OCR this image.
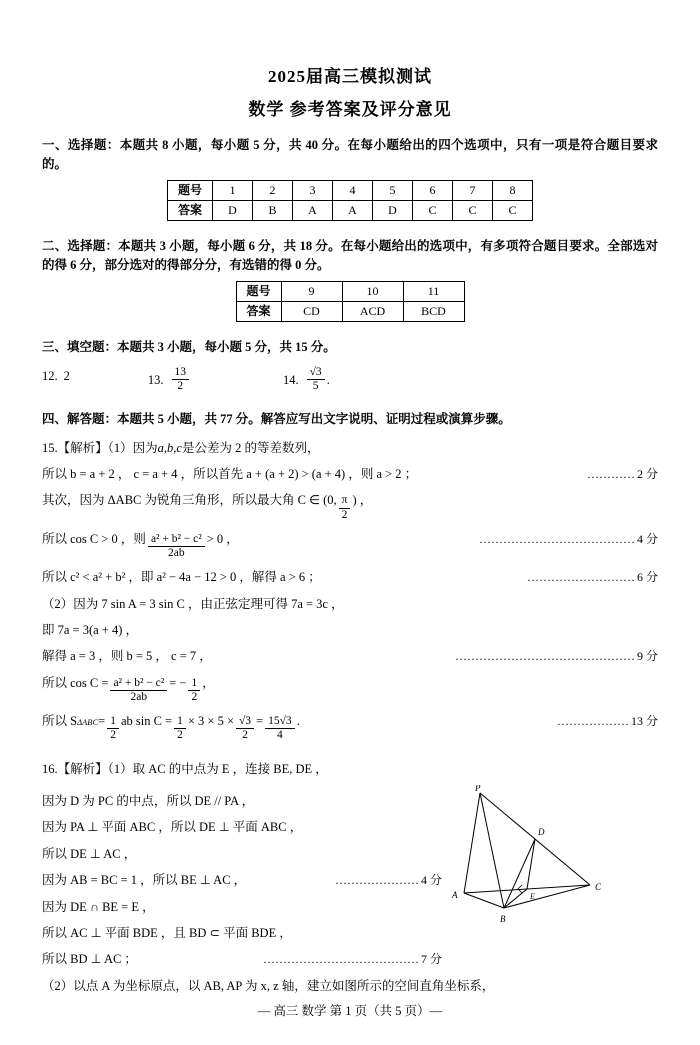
2025届高三模拟测试
数学 参考答案及评分意见
一、选择题：本题共 8 小题，每小题 5 分，共 40 分。在每小题给出的四个选项中，只有一项是符合题目要求的。
题号	1	2	3	4	5	6	7	8
答案	D	B	A	A	D	C	C	C
二、选择题：本题共 3 小题，每小题 6 分，共 18 分。在每小题给出的选项中，有多项符合题目要求。全部选对的得 6 分，部分选对的得部分分，有选错的得 0 分。
题号	9	10	11
答案	CD	ACD	BCD
三、填空题：本题共 3 小题，每小题 5 分，共 15 分。
12. 2	13. $\frac{13}{2}$	14. $\frac{√3}{5}$ .
四、解答题：本题共 5 小题，共 77 分。解答应写出文字说明、证明过程或演算步骤。
15.【解析】（1）因为a,b,c是公差为 2 的等差数列，
所以 b = a + 2 ， c = a + 4 ，所以首先 a + (a + 2) > (a + 4) ，则 a > 2 ；	………… 2 分
其次，因为 ΔABC 为锐角三角形，所以最大角 C ∈ (0, $\frac{\pi}{2}$ ) ，
所以 cos C > 0 ，则 $\frac{\text{a² + b² − c²}}{2ab} > 0$ ，	………………………………… 4 分
所以 c² < a² + b² ，即 a² − 4a − 12 > 0 ，解得 a > 6 ；	……………………… 6 分
（2）因为 7 sin A = 3 sin C ，由正弦定理可得 7a = 3c ，
即 7a = 3(a + 4) ，
解得 a = 3 ，则 b = 5 ， c = 7 ，	……………………………………… 9 分
所以 $\cos C = \frac{\text{a² + b² − c²}}{2ab}$ = − $\frac{1}{2}$ ，
所以 S $\Delta ABC = \frac{1}{2}$ ab $\sin C = \frac{1}{2} \times 3 \times 5 \times \frac{√3}{2} = \frac{15√3}{4}$ .	……………… 13 分
16.【解析】（1）取 AC 的中点为 E ，连接 BE, DE ，
因为 D 为 PC 的中点，所以 DE // PA ，
因为 PA ⊥ 平面 ABC ，所以 DE ⊥ 平面 ABC ，
所以 DE ⊥ AC ，
因为 AB = BC = 1 ，所以 BE ⊥ AC ，	………………… 4 分
因为 DE ∩ BE = E ，
所以 AC ⊥ 平面 BDE ，且 BD ⊂ 平面 BDE ，
所以 BD ⊥ AC ；	………………………………… 7 分
P
D
E
A
B
C
（2）以点 A 为坐标原点，以 AB, AP 为 x, z 轴，建立如图所示的空间直角坐标系，
— 高三 数学 第 1 页（共 5 页）—
